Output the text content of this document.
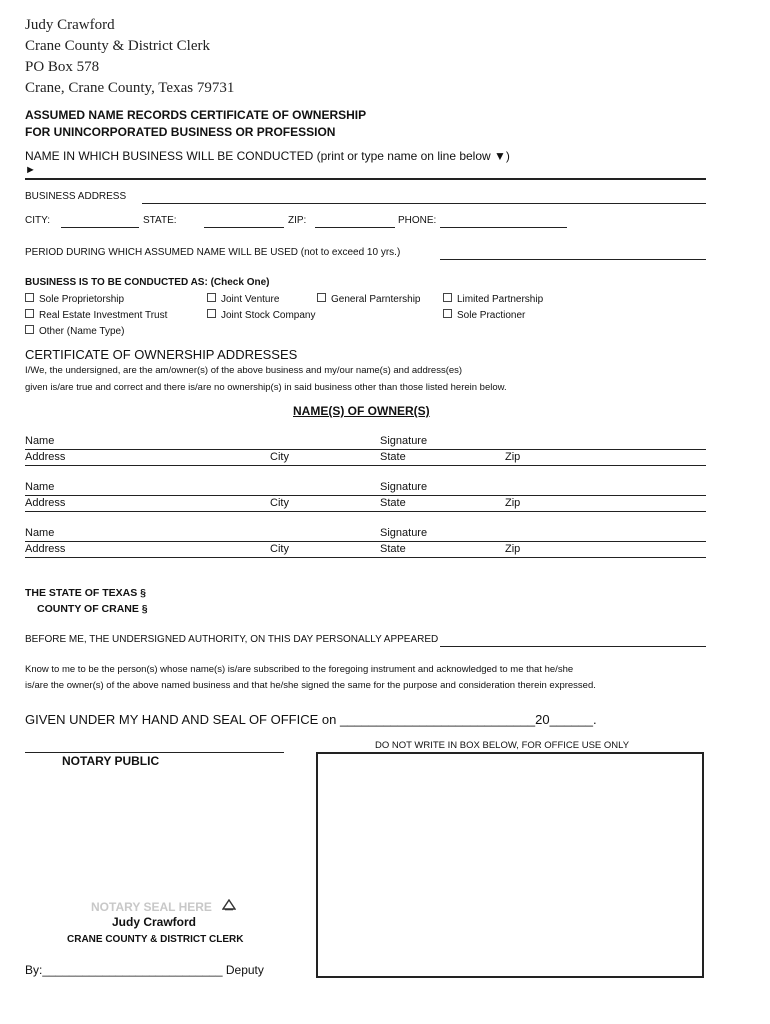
Judy Crawford
Crane County & District Clerk
PO Box 578
Crane, Crane County, Texas 79731
ASSUMED NAME RECORDS CERTIFICATE OF OWNERSHIP
FOR UNINCORPORATED BUSINESS OR PROFESSION
NAME IN WHICH BUSINESS WILL BE CONDUCTED (print or type name on line below ▼)
►
BUSINESS ADDRESS
CITY:	STATE:	ZIP:	PHONE:
PERIOD DURING WHICH ASSUMED NAME WILL BE USED (not to exceed 10 yrs.)
BUSINESS IS TO BE CONDUCTED AS: (Check One)
Sole Proprietorship	Joint Venture	General Parntership	Limited Partnership
Real Estate Investment Trust	Joint Stock Company	Sole Practioner
Other (Name Type)
CERTIFICATE OF OWNERSHIP ADDRESSES
I/We, the undersigned, are the am/owner(s) of the above business and my/our name(s) and address(es)
given is/are true and correct and there is/are no ownership(s) in said business other than those listed herein below.
NAME(S) OF OWNER(S)
Name	Signature
Address	City	State	Zip
Name	Signature
Address	City	State	Zip
Name	Signature
Address	City	State	Zip
THE STATE OF TEXAS §
COUNTY OF CRANE §
BEFORE ME, THE UNDERSIGNED AUTHORITY, ON THIS DAY PERSONALLY APPEARED
Know to me to be the person(s) whose name(s) is/are subscribed to the foregoing instrument and acknowledged to me that he/she
is/are the owner(s) of the above named business and that he/she signed the same for the purpose and consideration therein expressed.
GIVEN UNDER MY HAND AND SEAL OF OFFICE on ___________________________20______.
NOTARY PUBLIC
DO NOT WRITE IN BOX BELOW, FOR OFFICE USE ONLY
NOTARY SEAL HERE
Judy Crawford
CRANE COUNTY & DISTRICT CLERK
By:___________________________ Deputy
